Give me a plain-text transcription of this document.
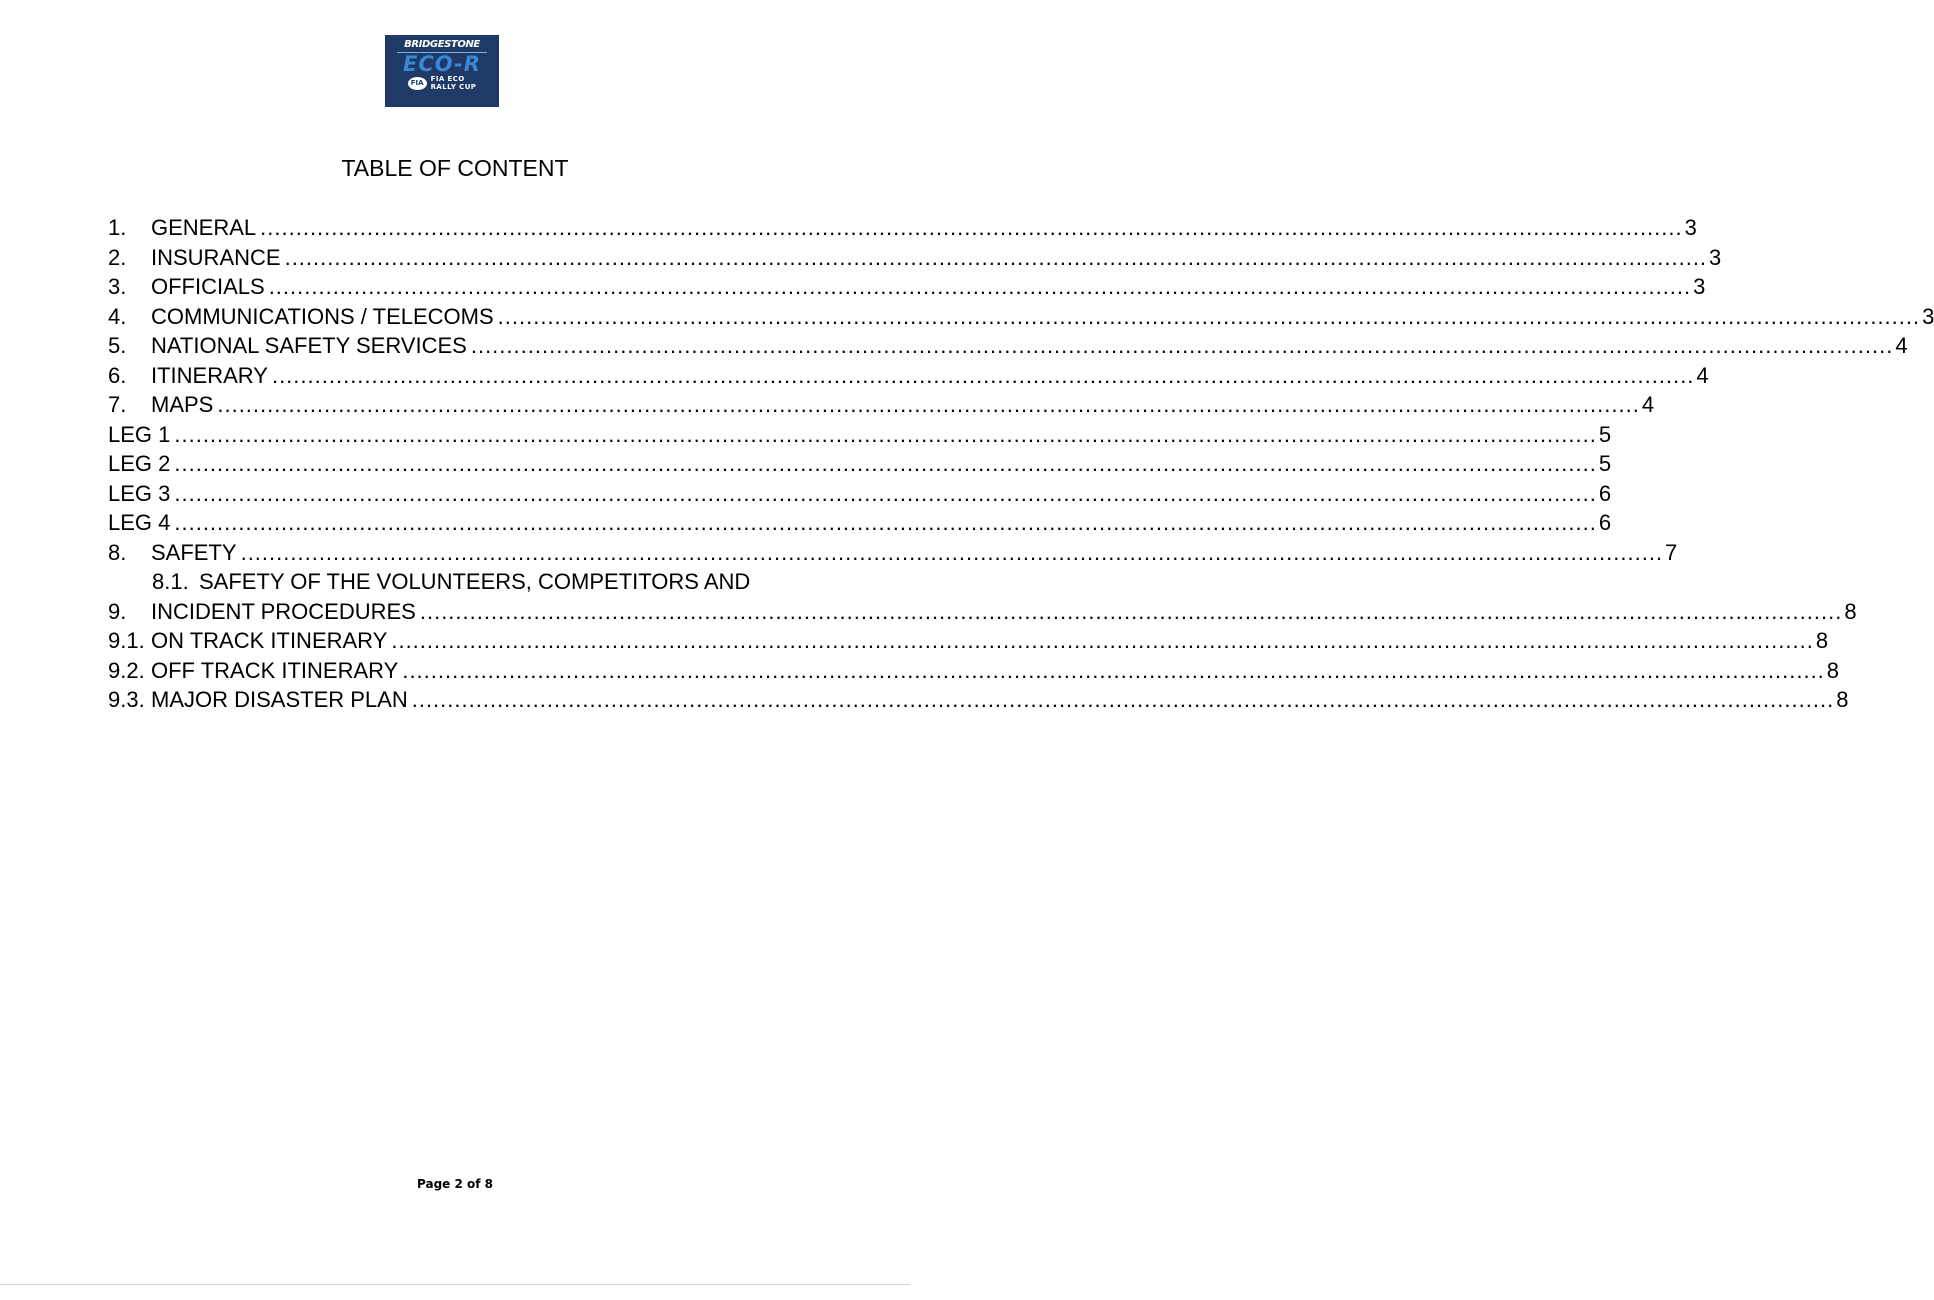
BRIDGESTONE
ECO-R
FIA	FIA ECO
RALLY CUP
TABLE OF CONTENT
1.	GENERAL ........................................................................................................................................................................................................ 3
2.	INSURANCE ........................................................................................................................................................................................................ 3
3.	OFFICIALS ........................................................................................................................................................................................................ 3
4.	COMMUNICATIONS / TELECOMS ........................................................................................................................................................................................................ 3
5.	NATIONAL SAFETY SERVICES ........................................................................................................................................................................................................ 4
6.	ITINERARY ........................................................................................................................................................................................................ 4
7.	MAPS ........................................................................................................................................................................................................ 4
LEG 1 ........................................................................................................................................................................................................ 5
LEG 2 ........................................................................................................................................................................................................ 5
LEG 3 ........................................................................................................................................................................................................ 6
LEG 4 ........................................................................................................................................................................................................ 6
8.	SAFETY ........................................................................................................................................................................................................ 7
8.1. SAFETY OF THE VOLUNTEERS, COMPETITORS AND
9.	INCIDENT PROCEDURES ........................................................................................................................................................................................................ 8
9.1. ON TRACK ITINERARY ........................................................................................................................................................................................................ 8
9.2. OFF TRACK ITINERARY ........................................................................................................................................................................................................ 8
9.3. MAJOR DISASTER PLAN ........................................................................................................................................................................................................ 8
Page 2 of 8
